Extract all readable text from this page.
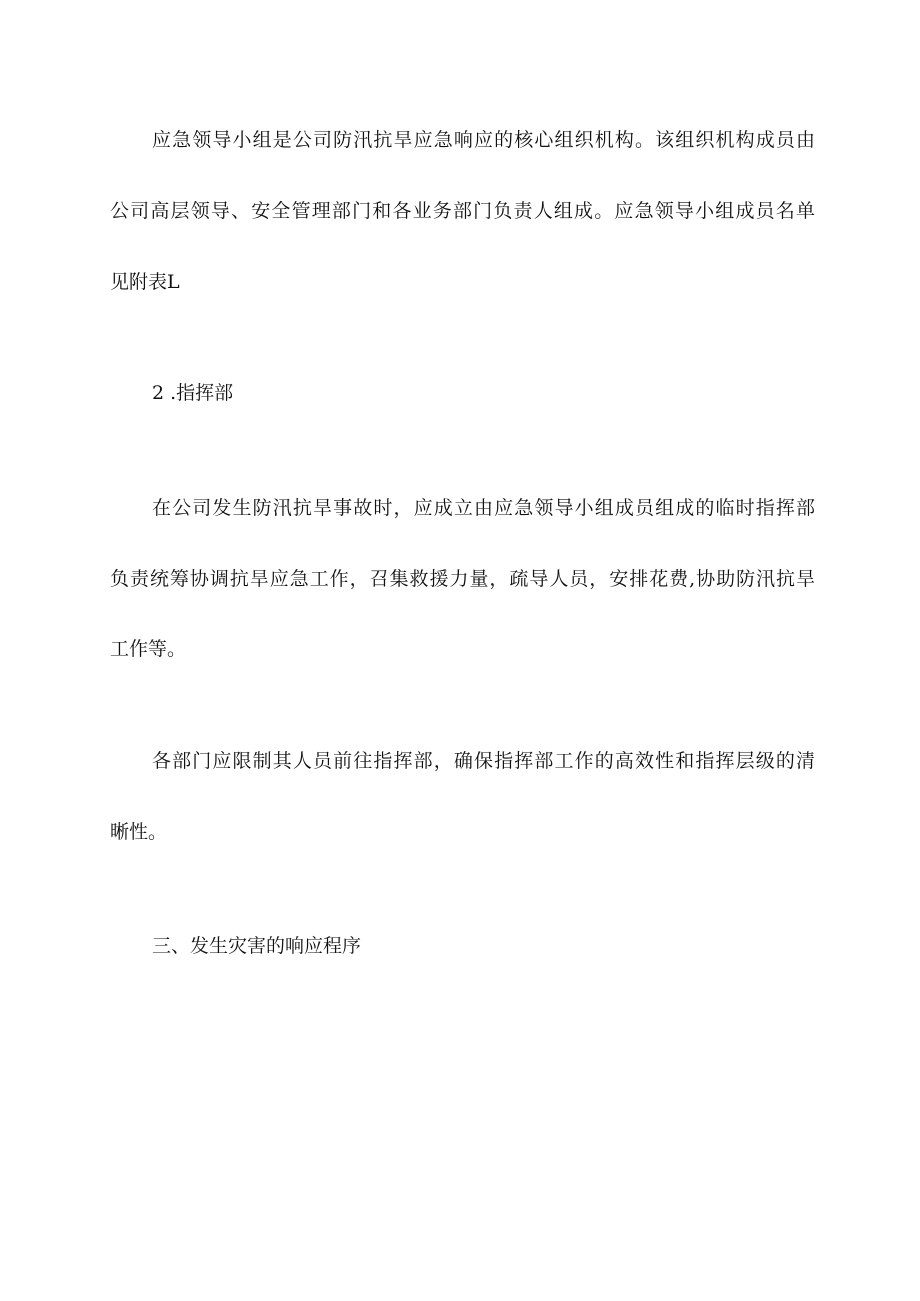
应急领导小组是公司防汛抗旱应急响应的核心组织机构。该组织机构成员由

公司高层领导、安全管理部门和各业务部门负责人组成。应急领导小组成员名单

见附表L

2 .指挥部

在公司发生防汛抗旱事故时，应成立由应急领导小组成员组成的临时指挥部

负责统筹协调抗旱应急工作，召集救援力量，疏导人员，安排花费,协助防汛抗旱

工作等。

各部门应限制其人员前往指挥部，确保指挥部工作的高效性和指挥层级的清

晰性。

三、发生灾害的响应程序
